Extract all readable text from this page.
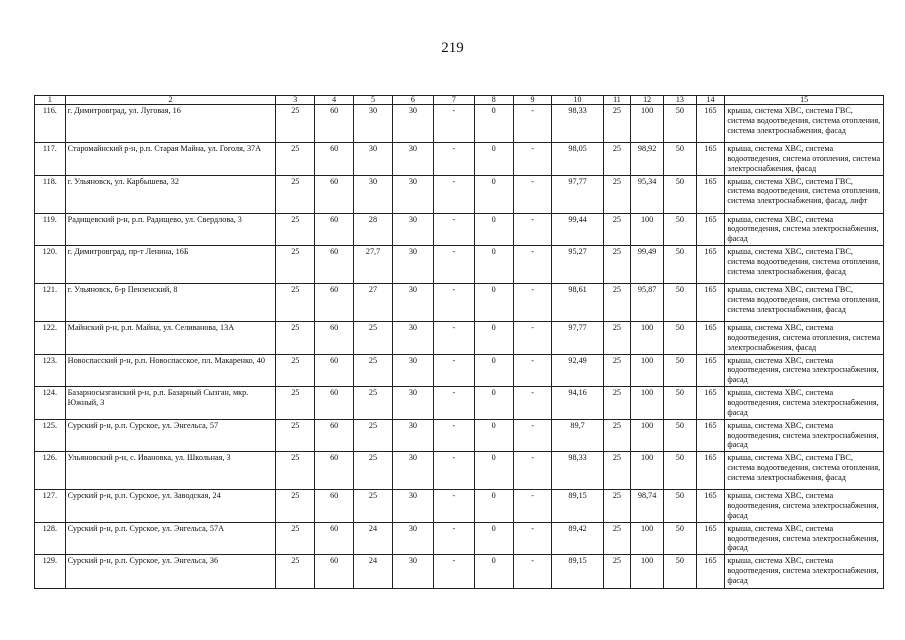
219
1	2	3	4	5	6	7	8	9	10	11	12	13	14	15
116.	г. Димитровград, ул. Луговая, 16	25	60	30	30	-	0	-	98,33	25	100	50	165	крыша, система ХВС, система ГВС, система водоотведения, система отопления, система электроснабжения, фасад
117.	Старомайнский р-н, р.п. Старая Майна, ул. Гоголя, 37А	25	60	30	30	-	0	-	98,05	25	98,92	50	165	крыша, система ХВС, система водоотведения, система отопления, система электроснабжения, фасад
118.	г. Ульяновск, ул. Карбышева, 32	25	60	30	30	-	0	-	97,77	25	95,34	50	165	крыша, система ХВС, система ГВС, система водоотведения, система отопления, система электроснабжения, фасад, лифт
119.	Радищевский р-н, р.п. Радищево, ул. Свердлова, 3	25	60	28	30	-	0	-	99,44	25	100	50	165	крыша, система ХВС, система водоотведения, система электроснабжения, фасад
120.	г. Димитровград, пр-т Ленина, 16Б	25	60	27,7	30	-	0	-	95,27	25	99,49	50	165	крыша, система ХВС, система ГВС, система водоотведения, система отопления, система электроснабжения, фасад
121.	г. Ульяновск, б-р Пензенский, 8	25	60	27	30	-	0	-	98,61	25	95,87	50	165	крыша, система ХВС, система ГВС, система водоотведения, система отопления, система электроснабжения, фасад
122.	Майнский р-н, р.п. Майна, ул. Селиванова, 13А	25	60	25	30	-	0	-	97,77	25	100	50	165	крыша, система ХВС, система водоотведения, система отопления, система электроснабжения, фасад
123.	Новоспасский р-н, р.п. Новоспасское, пл. Макаренко, 40	25	60	25	30	-	0	-	92,49	25	100	50	165	крыша, система ХВС, система водоотведения, система электроснабжения, фасад
124.	Базарносызганский р-н, р.п. Базарный Сызган, мкр. Южный, 3	25	60	25	30	-	0	-	94,16	25	100	50	165	крыша, система ХВС, система водоотведения, система электроснабжения, фасад
125.	Сурский р-н, р.п. Сурское, ул. Энгельса, 57	25	60	25	30	-	0	-	89,7	25	100	50	165	крыша, система ХВС, система водоотведения, система электроснабжения, фасад
126.	Ульяновский р-н, с. Ивановка, ул. Школьная, 3	25	60	25	30	-	0	-	98,33	25	100	50	165	крыша, система ХВС, система ГВС, система водоотведения, система отопления, система электроснабжения, фасад
127.	Сурский р-н, р.п. Сурское, ул. Заводская, 24	25	60	25	30	-	0	-	89,15	25	98,74	50	165	крыша, система ХВС, система водоотведения, система электроснабжения, фасад
128.	Сурский р-н, р.п. Сурское, ул. Энгельса, 57А	25	60	24	30	-	0	-	89,42	25	100	50	165	крыша, система ХВС, система водоотведения, система электроснабжения, фасад
129.	Сурский р-н, р.п. Сурское, ул. Энгельса, 36	25	60	24	30	-	0	-	89,15	25	100	50	165	крыша, система ХВС, система водоотведения, система электроснабжения, фасад
